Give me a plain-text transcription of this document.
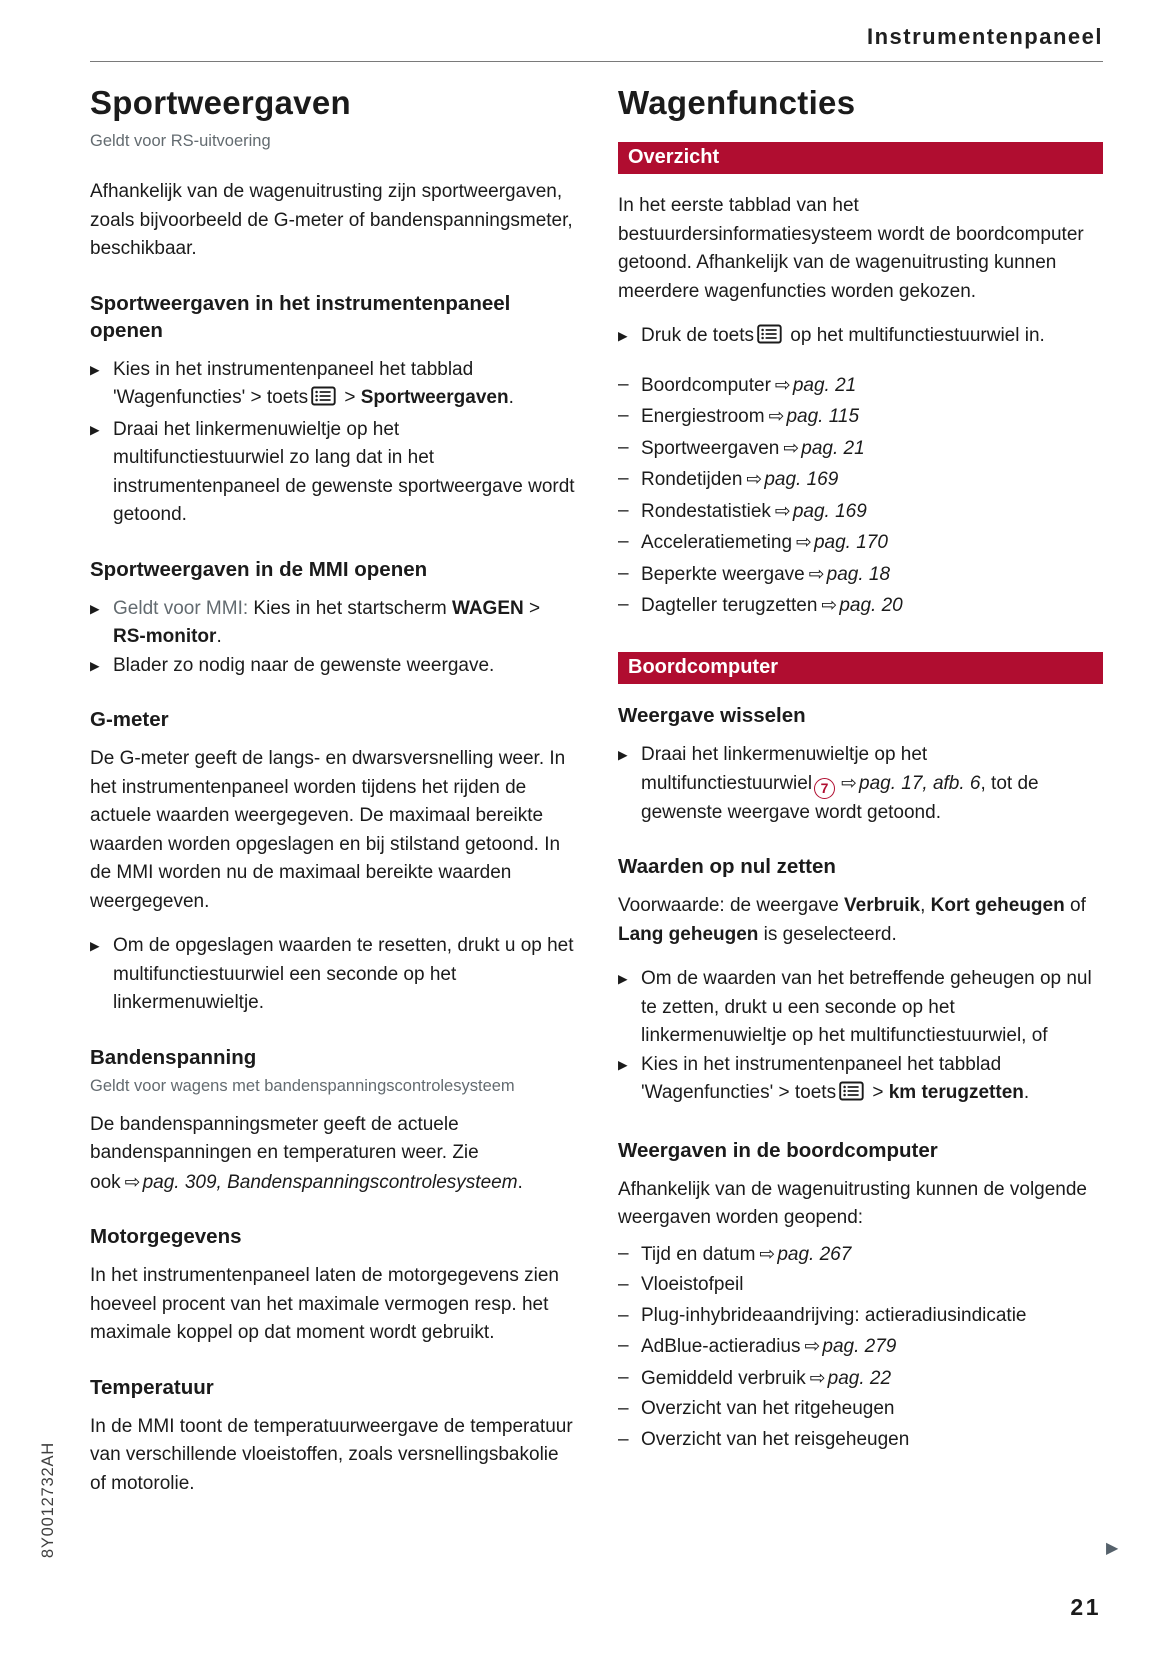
Instrumentenpaneel
Sportweergaven
Geldt voor RS-uitvoering

Afhankelijk van de wagenuitrusting zijn sportweergaven, zoals bijvoorbeeld de G-meter of bandenspanningsmeter, beschikbaar.

Sportweergaven in het instrumentenpaneel openen
▶ Kies in het instrumentenpaneel het tabblad 'Wagenfuncties' > toets > Sportweergaven.
▶ Draai het linkermenuwieltje op het multifunctiestuurwiel zo lang dat in het instrumentenpaneel de gewenste sportweergave wordt getoond.
Sportweergaven in de MMI openen
▶ Geldt voor MMI: Kies in het startscherm WAGEN > RS-monitor.
▶ Blader zo nodig naar de gewenste weergave.
G-meter

De G-meter geeft de langs- en dwarsversnelling weer. In het instrumentenpaneel worden tijdens het rijden de actuele waarden weergegeven. De maximaal bereikte waarden worden opgeslagen en bij stilstand getoond. In de MMI worden nu de maximaal bereikte waarden weergegeven.

▶ Om de opgeslagen waarden te resetten, drukt u op het multifunctiestuurwiel een seconde op het linkermenuwieltje.
Bandenspanning
Geldt voor wagens met bandenspanningscontrolesysteem

De bandenspanningsmeter geeft de actuele bandenspanningen en temperaturen weer. Zie ook ⇨ pag. 309, Bandenspanningscontrolesysteem.

Motorgegevens

In het instrumentenpaneel laten de motorgegevens zien hoeveel procent van het maximale vermogen resp. het maximale koppel op dat moment wordt gebruikt.

Temperatuur

In de MMI toont de temperatuurweergave de temperatuur van verschillende vloeistoffen, zoals versnellingsbakolie of motorolie.

Wagenfuncties
Overzicht

In het eerste tabblad van het bestuurdersinformatiesysteem wordt de boordcomputer getoond. Afhankelijk van de wagenuitrusting kunnen meerdere wagenfuncties worden gekozen.

▶ Druk de toets op het multifunctiestuurwiel in.
– Boordcomputer ⇨ pag. 21
– Energiestroom ⇨ pag. 115
– Sportweergaven ⇨ pag. 21
– Rondetijden ⇨ pag. 169
– Rondestatistiek ⇨ pag. 169
– Acceleratiemeting ⇨ pag. 170
– Beperkte weergave ⇨ pag. 18
– Dagteller terugzetten ⇨ pag. 20
Boordcomputer
Weergave wisselen
▶ Draai het linkermenuwieltje op het multifunctiestuurwiel 7 ⇨ pag. 17, afb. 6, tot de gewenste weergave wordt getoond.
Waarden op nul zetten

Voorwaarde: de weergave Verbruik, Kort geheugen of Lang geheugen is geselecteerd.

▶ Om de waarden van het betreffende geheugen op nul te zetten, drukt u een seconde op het linkermenuwieltje op het multifunctiestuurwiel, of
▶ Kies in het instrumentenpaneel het tabblad 'Wagenfuncties' > toets > km terugzetten.
Weergaven in de boordcomputer

Afhankelijk van de wagenuitrusting kunnen de volgende weergaven worden geopend:

– Tijd en datum ⇨ pag. 267
– Vloeistofpeil
– Plug-inhybrideaandrijving: actieradiusindicatie
– AdBlue-actieradius ⇨ pag. 279
– Gemiddeld verbruik ⇨ pag. 22
– Overzicht van het ritgeheugen
– Overzicht van het reisgeheugen
8Y0012732AH	▶
21
